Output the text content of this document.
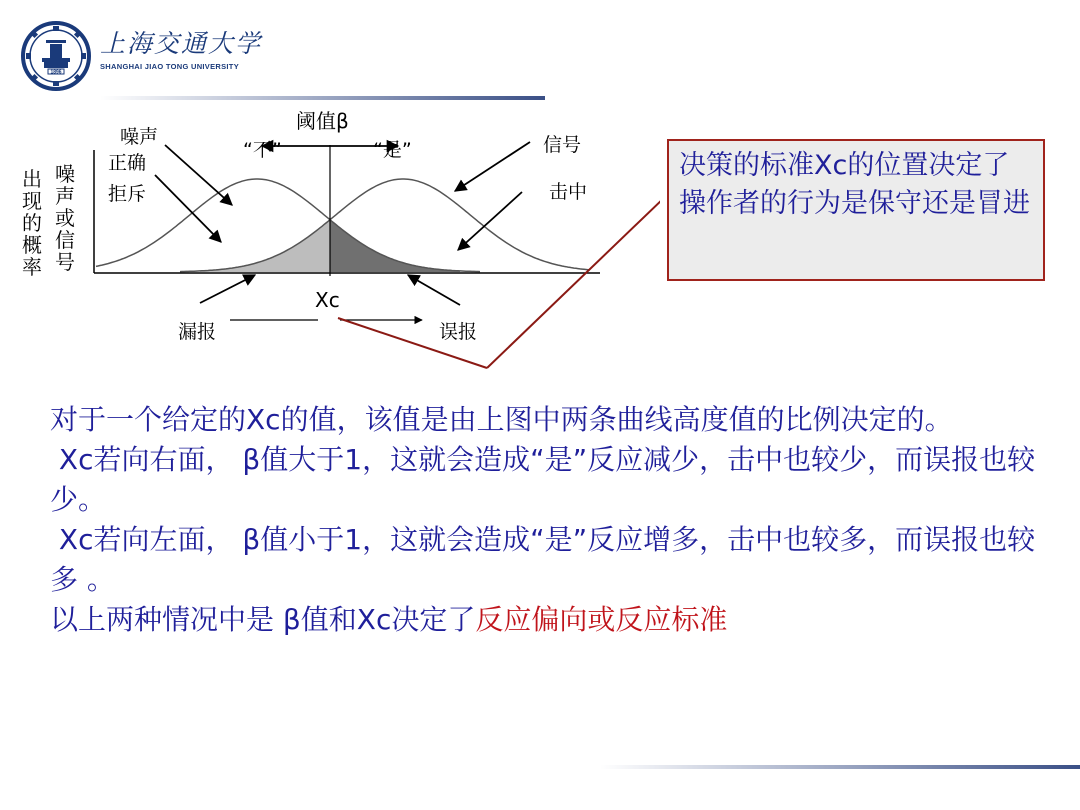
1896
上海交通大学
SHANGHAI JIAO TONG UNIVERSITY
阈值β
“不”	“是”
噪声
正确
拒斥
信号
击中
出现的概率
噪声或信号
Xc
漏报	误报
决策的标准Xc的位置决定了操作者的行为是保守还是冒进

对于一个给定的Xc的值，该值是由上图中两条曲线高度值的比例决定的。

Xc若向右面， β值大于1，这就会造成“是”反应减少，击中也较少，而误报也较少。

Xc若向左面， β值小于1，这就会造成“是”反应增多，击中也较多，而误报也较多 。

以上两种情况中是 β值和Xc决定了反应偏向或反应标准
